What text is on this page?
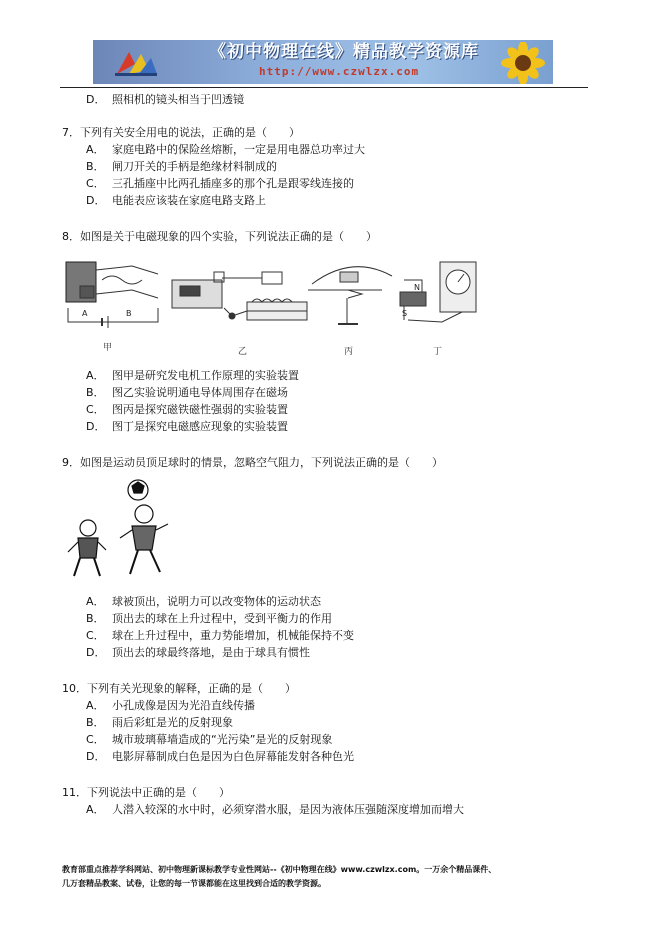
《初中物理在线》精品教学资源库
http://www.czwlzx.com
D． 照相机的镜头相当于凹透镜
7．下列有关安全用电的说法，正确的是（　　）
A． 家庭电路中的保险丝熔断，一定是用电器总功率过大
B． 闸刀开关的手柄是绝缘材料制成的
C． 三孔插座中比两孔插座多的那个孔是跟零线连接的
D． 电能表应该装在家庭电路支路上
8．如图是关于电磁现象的四个实验，下列说法正确的是（　　）
N
S
A	B
甲	乙	丙	丁
A． 图甲是研究发电机工作原理的实验装置
B． 图乙实验说明通电导体周围存在磁场
C． 图丙是探究磁铁磁性强弱的实验装置
D． 图丁是探究电磁感应现象的实验装置
9．如图是运动员顶足球时的情景，忽略空气阻力，下列说法正确的是（　　）
A． 球被顶出，说明力可以改变物体的运动状态
B． 顶出去的球在上升过程中，受到平衡力的作用
C． 球在上升过程中，重力势能增加，机械能保持不变
D． 顶出去的球最终落地，是由于球具有惯性
10．下列有关光现象的解释，正确的是（　　）
A． 小孔成像是因为光沿直线传播
B． 雨后彩虹是光的反射现象
C． 城市玻璃幕墙造成的“光污染”是光的反射现象
D． 电影屏幕制成白色是因为白色屏幕能发射各种色光
11．下列说法中正确的是（　　）
A． 人潜入较深的水中时，必须穿潜水服，是因为液体压强随深度增加而增大
教育部重点推荐学科网站、初中物理新课标教学专业性网站--《初中物理在线》www.czwlzx.com。一万余个精品课件、
几万套精品教案、试卷，让您的每一节课都能在这里找到合适的教学资源。
